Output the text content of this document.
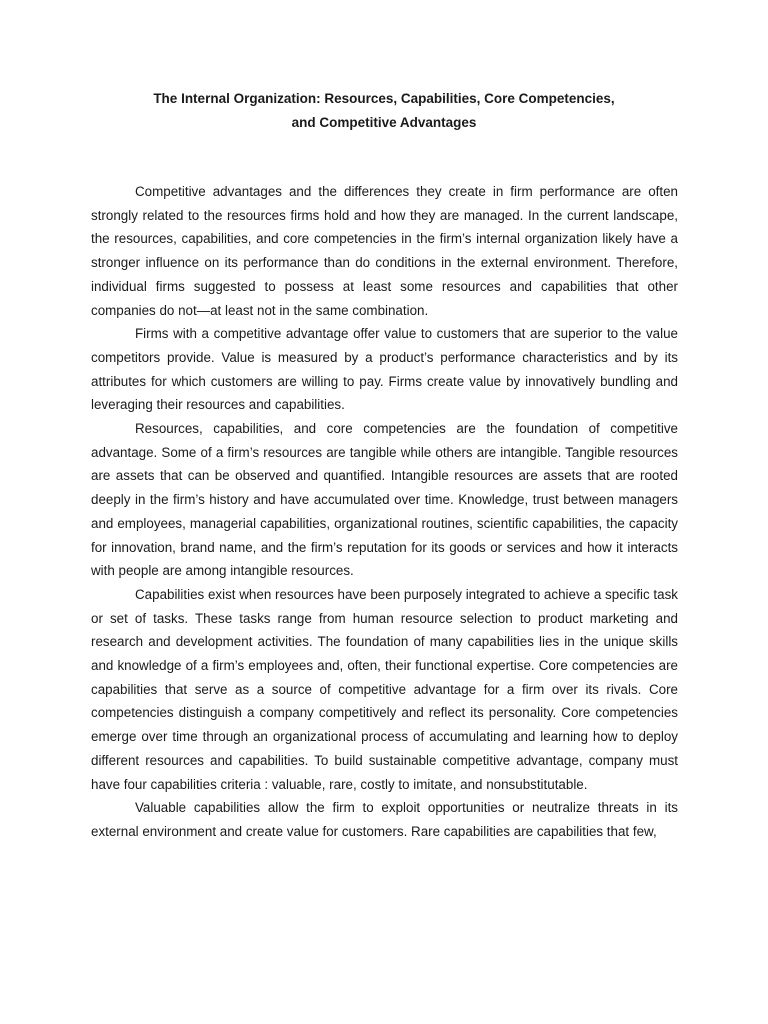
The Internal Organization: Resources, Capabilities, Core Competencies,
and Competitive Advantages

Competitive advantages and the differences they create in firm performance are often strongly related to the resources firms hold and how they are managed. In the current landscape, the resources, capabilities, and core competencies in the firm’s internal organization likely have a stronger influence on its performance than do conditions in the external environment. Therefore, individual firms suggested to possess at least some resources and capabilities that other companies do not—at least not in the same combination.

Firms with a competitive advantage offer value to customers that are superior to the value competitors provide. Value is measured by a product’s performance characteristics and by its attributes for which customers are willing to pay. Firms create value by innovatively bundling and leveraging their resources and capabilities.

Resources, capabilities, and core competencies are the foundation of competitive advantage. Some of a firm’s resources are tangible while others are intangible. Tangible resources are assets that can be observed and quantified. Intangible resources are assets that are rooted deeply in the firm’s history and have accumulated over time. Knowledge, trust between managers and employees, managerial capabilities, organizational routines, scientific capabilities, the capacity for innovation, brand name, and the firm’s reputation for its goods or services and how it interacts with people are among intangible resources.

Capabilities exist when resources have been purposely integrated to achieve a specific task or set of tasks. These tasks range from human resource selection to product marketing and research and development activities. The foundation of many capabilities lies in the unique skills and knowledge of a firm’s employees and, often, their functional expertise. Core competencies are capabilities that serve as a source of competitive advantage for a firm over its rivals. Core competencies distinguish a company competitively and reflect its personality. Core competencies emerge over time through an organizational process of accumulating and learning how to deploy different resources and capabilities. To build sustainable competitive advantage, company must have four capabilities criteria : valuable, rare, costly to imitate, and nonsubstitutable.

Valuable capabilities allow the firm to exploit opportunities or neutralize threats in its external environment and create value for customers. Rare capabilities are capabilities that few,
